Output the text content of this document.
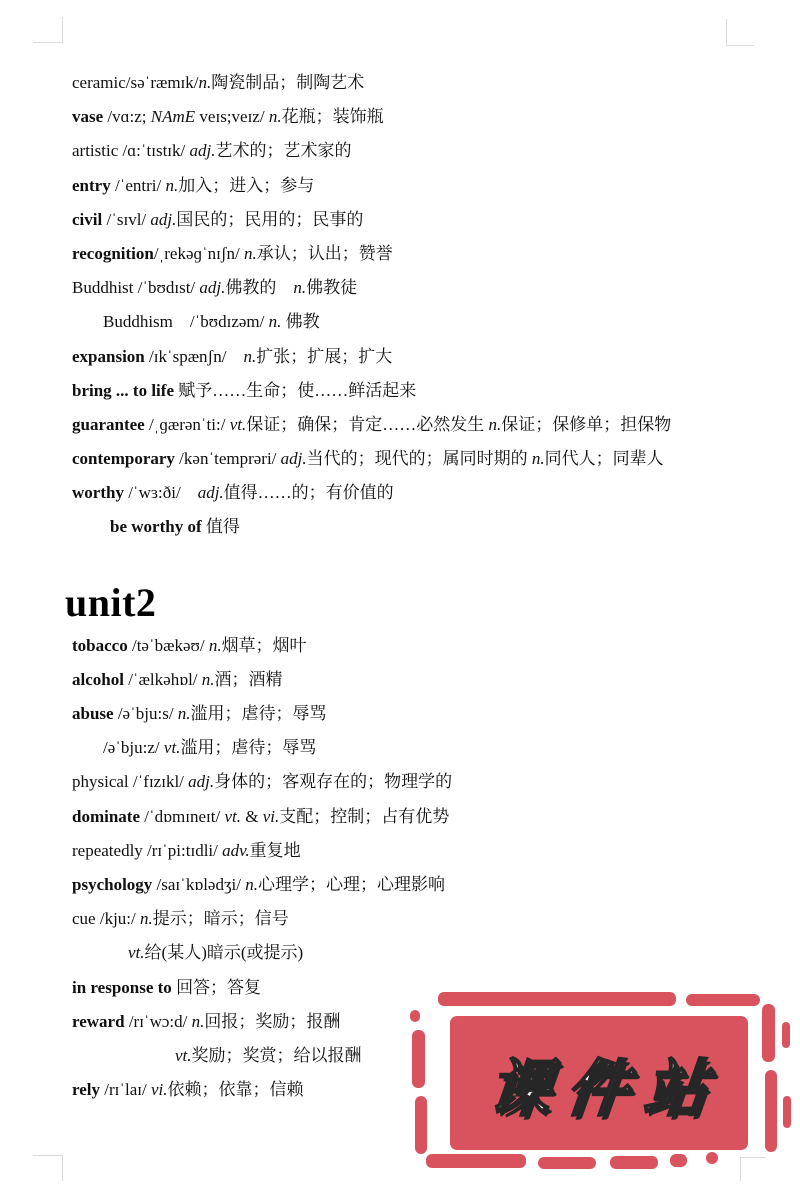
ceramic/səˈræmɪk/n.陶瓷制品；制陶艺术
vase /vɑ:z; NAmE veɪs;veɪz/ n.花瓶；装饰瓶
artistic /ɑ:ˈtɪstɪk/ adj.艺术的；艺术家的
entry /ˈentri/ n.加入；进入；参与
civil /ˈsɪvl/ adj.国民的；民用的；民事的
recognition/ˌrekəɡˈnɪʃn/ n.承认；认出；赞誉
Buddhist /ˈbʊdɪst/ adj.佛教的　n.佛教徒
Buddhism　/ˈbʊdɪzəm/ n. 佛教
expansion /ɪkˈspænʃn/　n.扩张；扩展；扩大
bring ... to life 赋予……生命；使……鲜活起来
guarantee /ˌɡærənˈti:/ vt.保证；确保；肯定……必然发生 n.保证；保修单；担保物
contemporary /kənˈtemprəri/ adj.当代的；现代的；属同时期的 n.同代人；同辈人
worthy /ˈwɜ:ði/　adj.值得……的；有价值的
be worthy of 值得
unit2
tobacco /təˈbækəʊ/ n.烟草；烟叶
alcohol /ˈælkəhɒl/ n.酒；酒精
abuse /əˈbju:s/ n.滥用；虐待；辱骂
/əˈbju:z/ vt.滥用；虐待；辱骂
physical /ˈfɪzɪkl/ adj.身体的；客观存在的；物理学的
dominate /ˈdɒmɪneɪt/ vt. & vi.支配；控制；占有优势
repeatedly /rɪˈpi:tɪdli/ adv.重复地
psychology /saɪˈkɒlədʒi/ n.心理学；心理；心理影响
cue /kju:/ n.提示；暗示；信号
vt.给(某人)暗示(或提示)
in response to 回答；答复
reward /rɪˈwɔ:d/ n.回报；奖励；报酬
vt.奖励；奖赏；给以报酬
rely /rɪˈlaɪ/ vi.依赖；依靠；信赖	课件站
